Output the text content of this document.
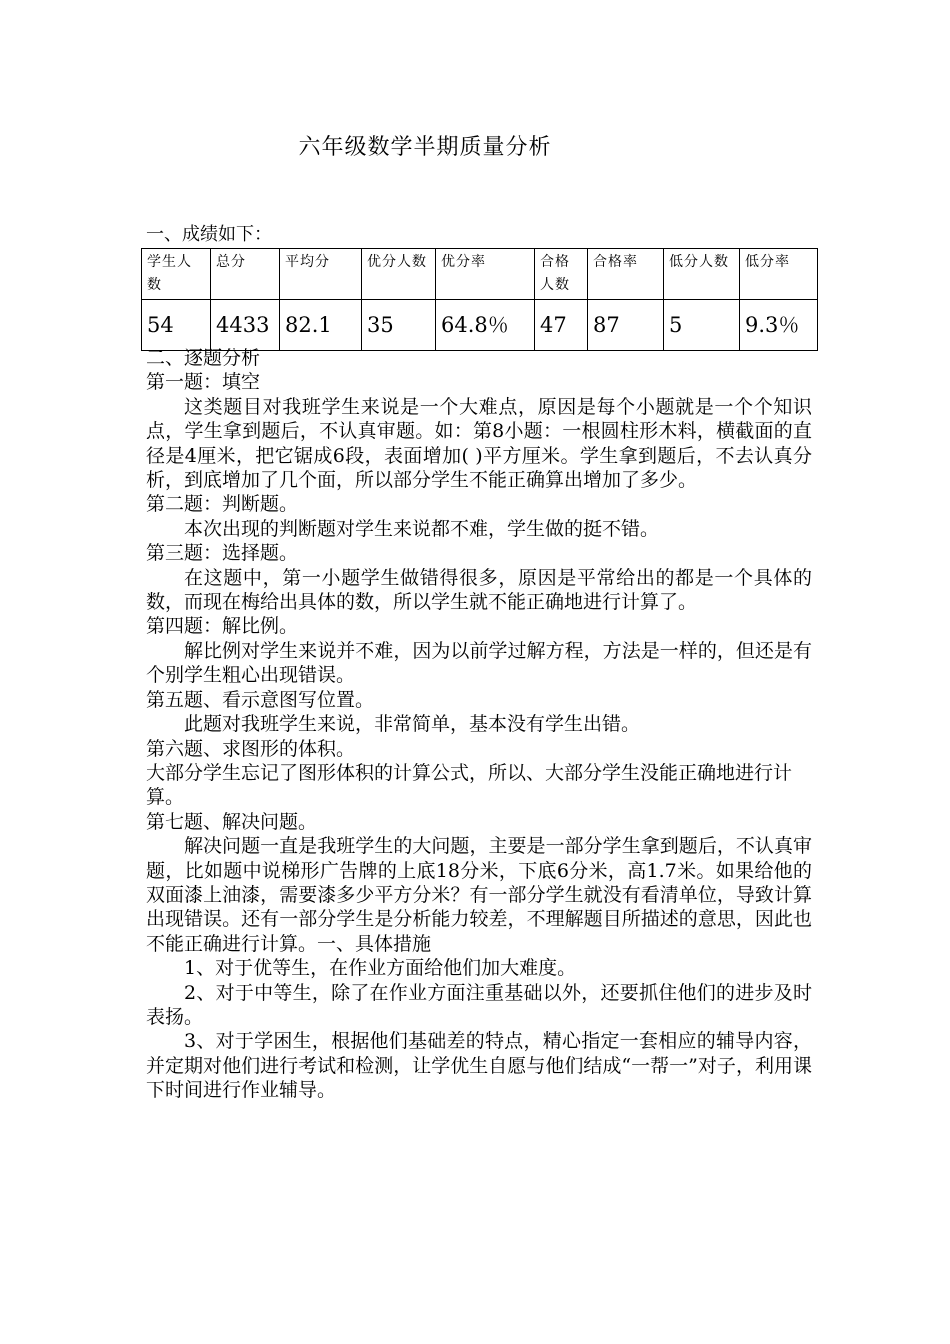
六年级数学半期质量分析
一、成绩如下：
学生人数	总分	平均分	优分人数	优分率	合格人数	合格率	低分人数	低分率
54	4433	82.1	35	64.8％	47	87	5	9.3％

二、逐题分析

第一题：填空

这类题目对我班学生来说是一个大难点，原因是每个小题就是一个个知识点，学生拿到题后，不认真审题。如：第8小题：一根圆柱形木料，横截面的直径是4厘米，把它锯成6段，表面增加( )平方厘米。学生拿到题后，不去认真分析，到底增加了几个面，所以部分学生不能正确算出增加了多少。

第二题：判断题。

本次出现的判断题对学生来说都不难，学生做的挺不错。

第三题：选择题。

在这题中，第一小题学生做错得很多，原因是平常给出的都是一个具体的数，而现在梅给出具体的数，所以学生就不能正确地进行计算了。

第四题：解比例。

解比例对学生来说并不难，因为以前学过解方程，方法是一样的，但还是有个别学生粗心出现错误。

第五题、看示意图写位置。

此题对我班学生来说，非常简单，基本没有学生出错。

第六题、求图形的体积。

大部分学生忘记了图形体积的计算公式，所以、大部分学生没能正确地进行计算。

第七题、解决问题。

解决问题一直是我班学生的大问题，主要是一部分学生拿到题后，不认真审题，比如题中说梯形广告牌的上底18分米，下底6分米，高1.7米。如果给他的双面漆上油漆，需要漆多少平方分米？有一部分学生就没有看清单位，导致计算出现错误。还有一部分学生是分析能力较差，不理解题目所描述的意思，因此也不能正确进行计算。一、具体措施

1、对于优等生，在作业方面给他们加大难度。

2、对于中等生，除了在作业方面注重基础以外，还要抓住他们的进步及时表扬。

3、对于学困生，根据他们基础差的特点，精心指定一套相应的辅导内容，并定期对他们进行考试和检测，让学优生自愿与他们结成“一帮一”对子，利用课下时间进行作业辅导。
